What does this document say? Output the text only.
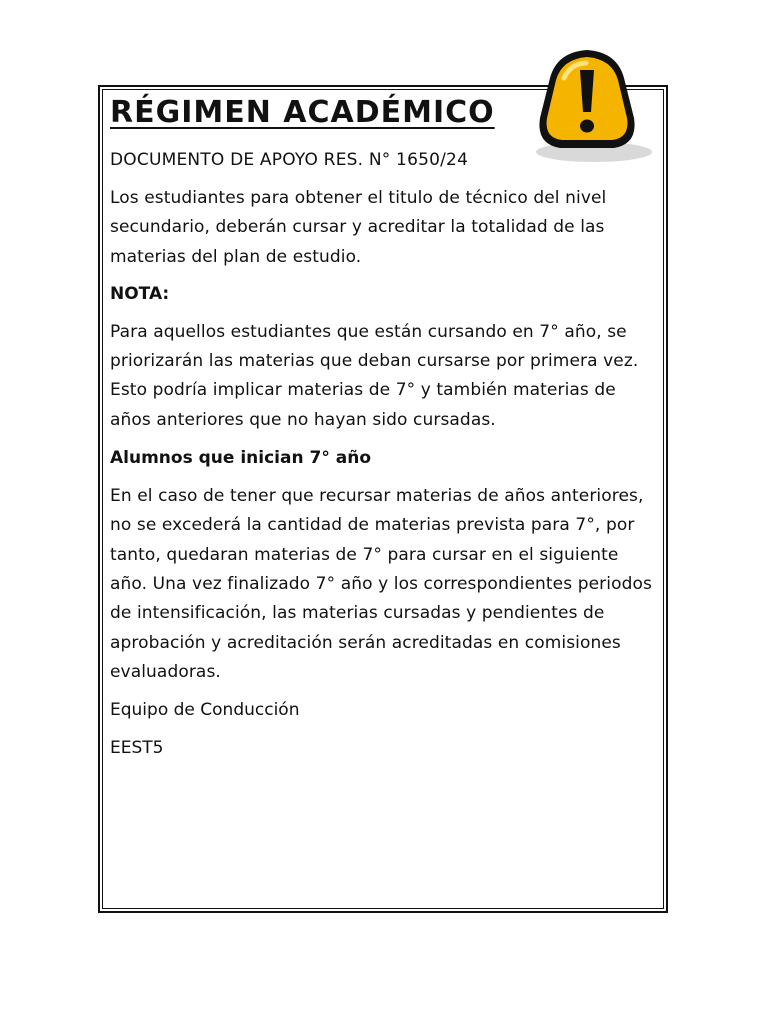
RÉGIMEN ACADÉMICO
DOCUMENTO DE APOYO RES. N° 1650/24

Los estudiantes para obtener el titulo de técnico del nivel secundario, deberán cursar y acreditar la totalidad de las materias del plan de estudio.

NOTA:

Para aquellos estudiantes que están cursando en 7° año, se priorizarán las materias que deban cursarse por primera vez. Esto podría implicar materias de 7° y también materias de años anteriores que no hayan sido cursadas.

Alumnos que inician 7° año

En el caso de tener que recursar materias de años anteriores, no se excederá la cantidad de materias prevista para 7°, por tanto, quedaran materias de 7° para cursar en el siguiente año. Una vez finalizado 7° año y los correspondientes periodos de intensificación, las materias cursadas y pendientes de aprobación y acreditación serán acreditadas en comisiones evaluadoras.

Equipo de Conducción
EEST5
